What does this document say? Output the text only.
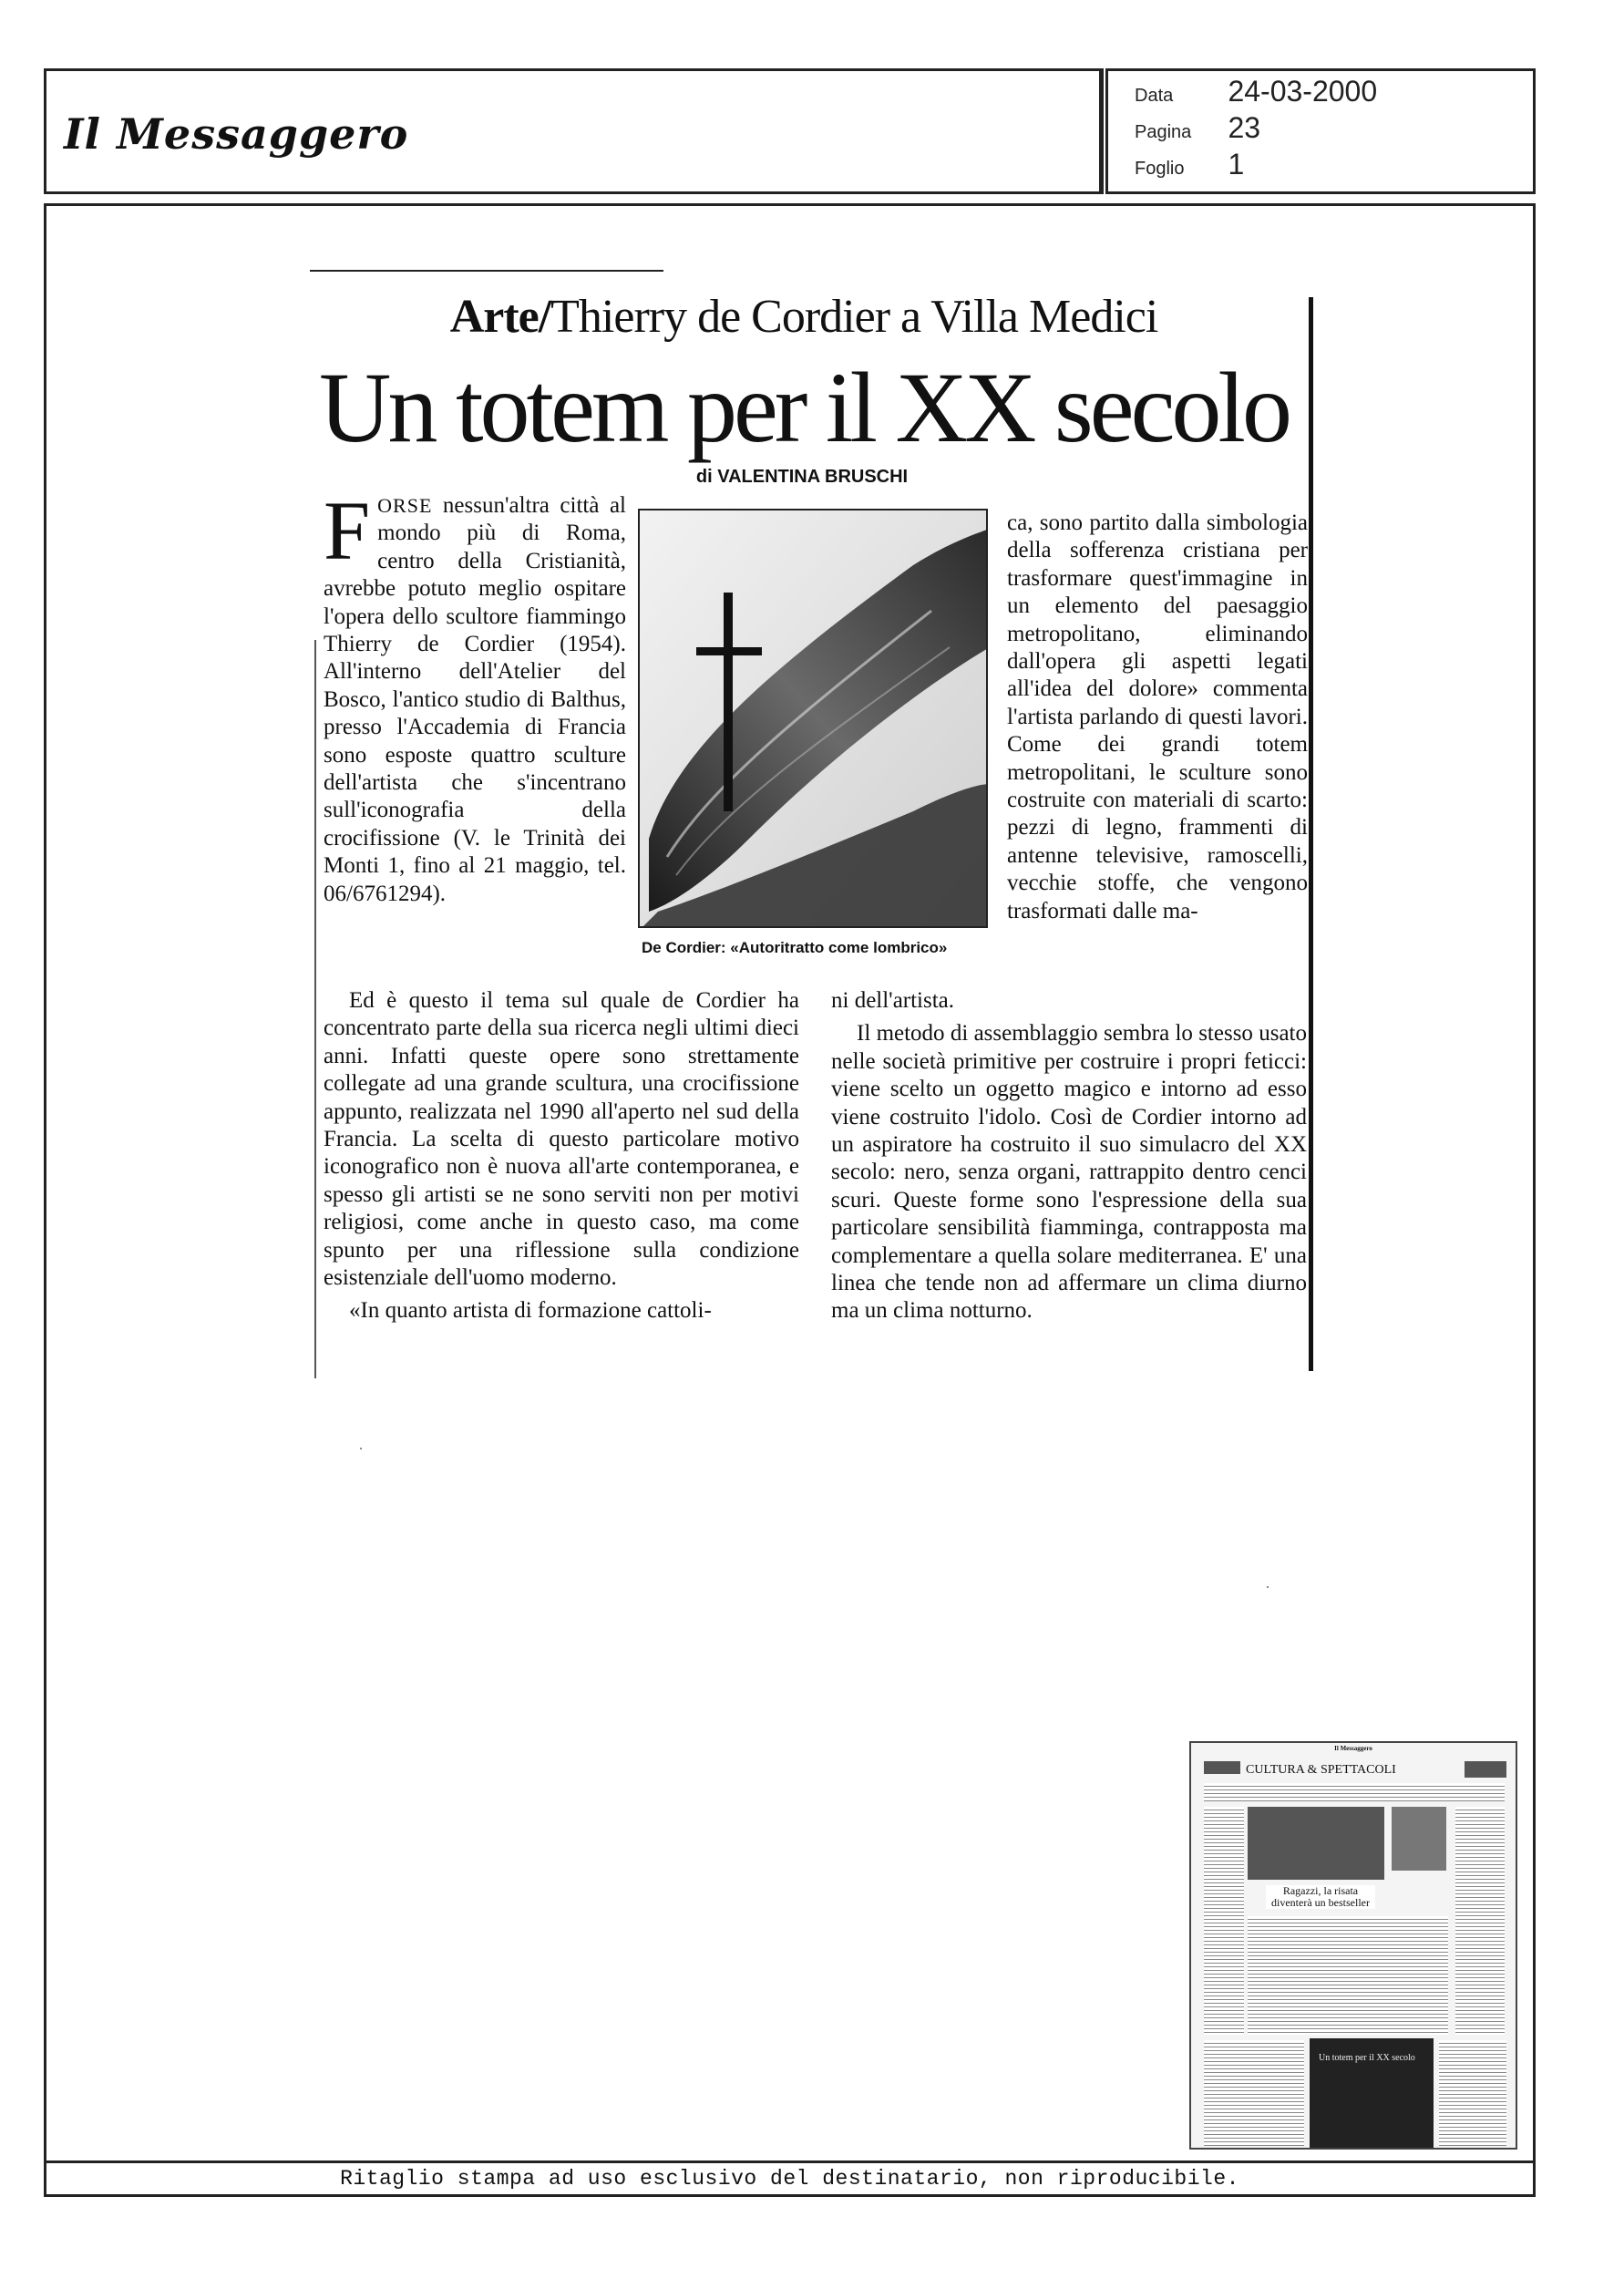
Il Messaggero
Data 24-03-2000
Pagina 23
Foglio 1
Arte/Thierry de Cordier a Villa Medici
Un totem per il XX secolo
di VALENTINA BRUSCHI

FORSE nessun'altra città al mondo più di Roma, centro della Cristianità, avrebbe potuto meglio ospitare l'opera dello scultore fiammingo Thierry de Cordier (1954). All'interno dell'Atelier del Bosco, l'antico studio di Balthus, presso l'Accademia di Francia sono esposte quattro sculture dell'artista che s'incentrano sull'iconografia della crocifissione (V. le Trinità dei Monti 1, fino al 21 maggio, tel. 06/6761294).

De Cordier: «Autoritratto come lombrico»

ca, sono partito dalla simbologia della sofferenza cristiana per trasformare quest'immagine in un elemento del paesaggio metropolitano, eliminando dall'opera gli aspetti legati all'idea del dolore» commenta l'artista parlando di questi lavori. Come dei grandi totem metropolitani, le sculture sono costruite con materiali di scarto: pezzi di legno, frammenti di antenne televisive, ramoscelli, vecchie stoffe, che vengono trasformati dalle ma-

Ed è questo il tema sul quale de Cordier ha concentrato parte della sua ricerca negli ultimi dieci anni. Infatti queste opere sono strettamente collegate ad una grande scultura, una crocifissione appunto, realizzata nel 1990 all'aperto nel sud della Francia. La scelta di questo particolare motivo iconografico non è nuova all'arte contemporanea, e spesso gli artisti se ne sono serviti non per motivi religiosi, come anche in questo caso, ma come spunto per una riflessione sulla condizione esistenziale dell'uomo moderno.

«In quanto artista di formazione cattoli-

ni dell'artista.

Il metodo di assemblaggio sembra lo stesso usato nelle società primitive per costruire i propri feticci: viene scelto un oggetto magico e intorno ad esso viene costruito l'idolo. Così de Cordier intorno ad un aspiratore ha costruito il suo simulacro del XX secolo: nero, senza organi, rattrappito dentro cenci scuri. Queste forme sono l'espressione della sua particolare sensibilità fiamminga, contrapposta ma complementare a quella solare mediterranea. E' una linea che tende non ad affermare un clima diurno ma un clima notturno.

Il Messaggero
CULTURA & SPETTACOLI
Ragazzi, la risata diventerà un bestseller
Un totem per il XX secolo
Ritaglio stampa ad uso esclusivo del destinatario, non riproducibile.
